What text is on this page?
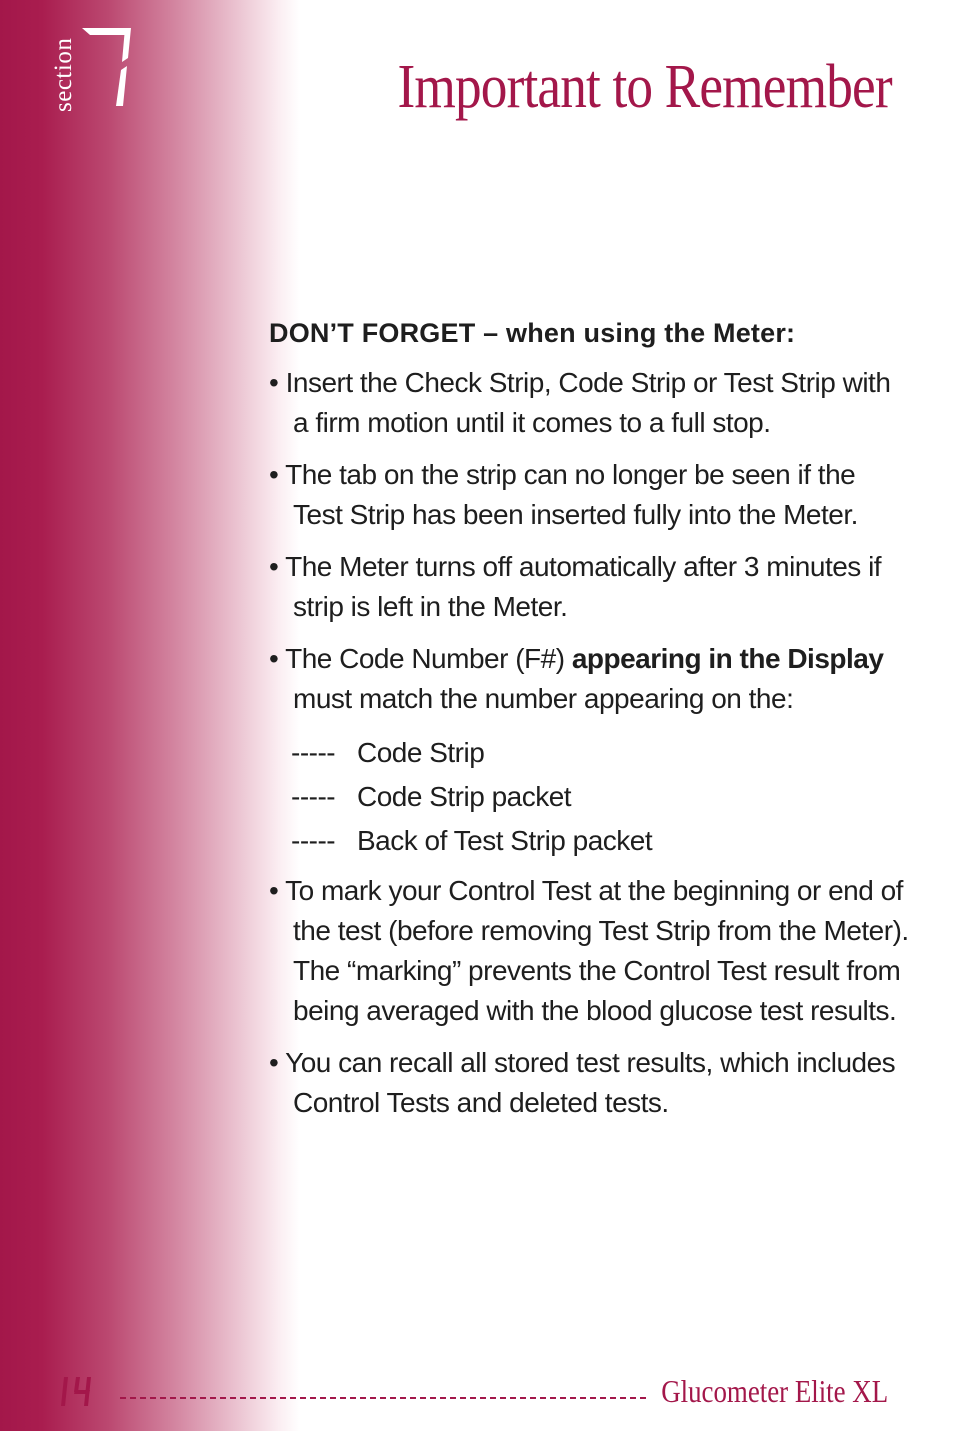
section	Important to Remember
DON’T FORGET – when using the Meter:
• Insert the Check Strip, Code Strip or Test Strip with a firm motion until it comes to a full stop.
• The tab on the strip can no longer be seen if the Test Strip has been inserted fully into the Meter.
• The Meter turns off automatically after 3 minutes if strip is left in the Meter.
• The Code Number (F#) appearing in the Display must match the number appearing on the:
----- Code Strip
----- Code Strip packet
----- Back of Test Strip packet
• To mark your Control Test at the beginning or end of the test (before removing Test Strip from the Meter). The “marking” prevents the Control Test result from being averaged with the blood glucose test results.
• You can recall all stored test results, which includes Control Tests and deleted tests.
Glucometer Elite XL
